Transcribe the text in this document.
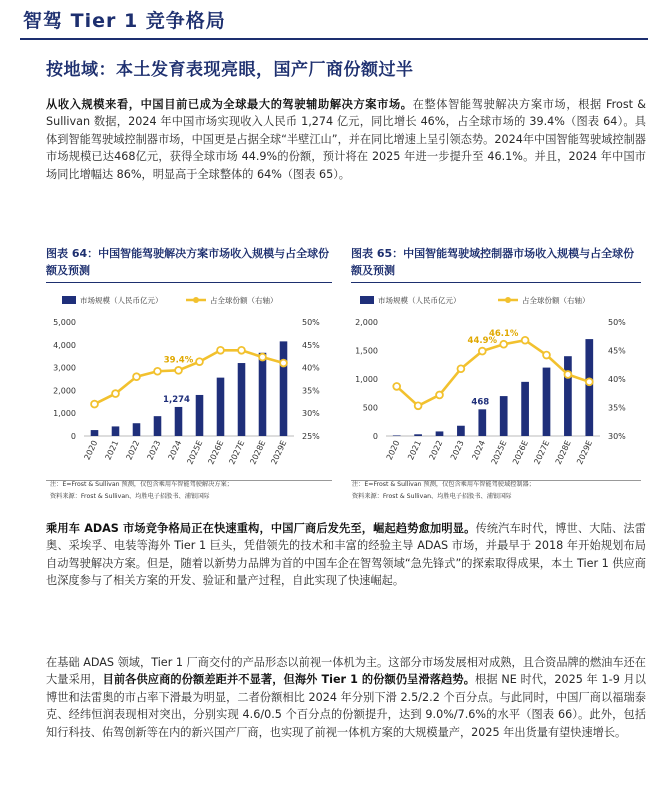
智驾 Tier 1 竞争格局
按地域：本土发育表现亮眼，国产厂商份额过半

从收入规模来看，中国目前已成为全球最大的驾驶辅助解决方案市场。在整体智能驾驶解决方案市场，根据 Frost & Sullivan 数据，2024 年中国市场实现收入人民币 1,274 亿元，同比增长 46%，占全球市场的 39.4%（图表 64）。具体到智能驾驶域控制器市场，中国更是占据全球“半壁江山”，并在同比增速上呈引领态势。2024年中国智能驾驶域控制器市场规模已达468亿元，获得全球市场 44.9%的份额，预计将在 2025 年进一步提升至 46.1%。并且，2024 年中国市场同比增幅达 86%，明显高于全球整体的 64%（图表 65）。

图表 64：中国智能驾驶解决方案市场收入规模与占全球份额及预测
市场规模（人民币亿元）	占全球份额（右轴）
0
1,000
2,000
3,000
4,000
5,000
25%
30%
35%
40%
45%
50%
1,274
39.4%
2020 2021 2022 2023 2024 2025E 2026E 2027E 2028E 2029E
注：E=Frost & Sullivan 预测，仅包含乘用车智能驾驶解决方案；
资料来源：Frost & Sullivan、均胜电子招股书、浦银国际
图表 65：中国智能驾驶域控制器市场收入规模与占全球份额及预测
市场规模（人民币亿元）	占全球份额（右轴）
0
500
1,000
1,500
2,000
30%
35%
40%
45%
50%
468
44.9%
46.1%
2020 2021 2022 2023 2024 2025E 2026E 2027E 2028E 2029E
注：E=Frost & Sullivan 预测，仅包含乘用车智能驾驶域控制器；
资料来源：Frost & Sullivan、均胜电子招股书、浦银国际

乘用车 ADAS 市场竞争格局正在快速重构，中国厂商后发先至，崛起趋势愈加明显。传统汽车时代，博世、大陆、法雷奥、采埃孚、电装等海外 Tier 1 巨头，凭借领先的技术和丰富的经验主导 ADAS 市场，并最早于 2018 年开始规划布局自动驾驶解决方案。但是，随着以新势力品牌为首的中国车企在智驾领域“急先锋式”的探索取得成果，本土 Tier 1 供应商也深度参与了相关方案的开发、验证和量产过程，自此实现了快速崛起。

在基础 ADAS 领域，Tier 1 厂商交付的产品形态以前视一体机为主。这部分市场发展相对成熟，且合资品牌的燃油车还在大量采用，目前各供应商的份额差距并不显著，但海外 Tier 1 的份额仍呈滑落趋势。根据 NE 时代，2025 年 1-9 月以博世和法雷奥的市占率下滑最为明显，二者份额相比 2024 年分别下滑 2.5/2.2 个百分点。与此同时，中国厂商以福瑞泰克、经纬恒润表现相对突出，分别实现 4.6/0.5 个百分点的份额提升，达到 9.0%/7.6%的水平（图表 66）。此外，包括知行科技、佑驾创新等在内的新兴国产厂商，也实现了前视一体机方案的大规模量产，2025 年出货量有望快速增长。
